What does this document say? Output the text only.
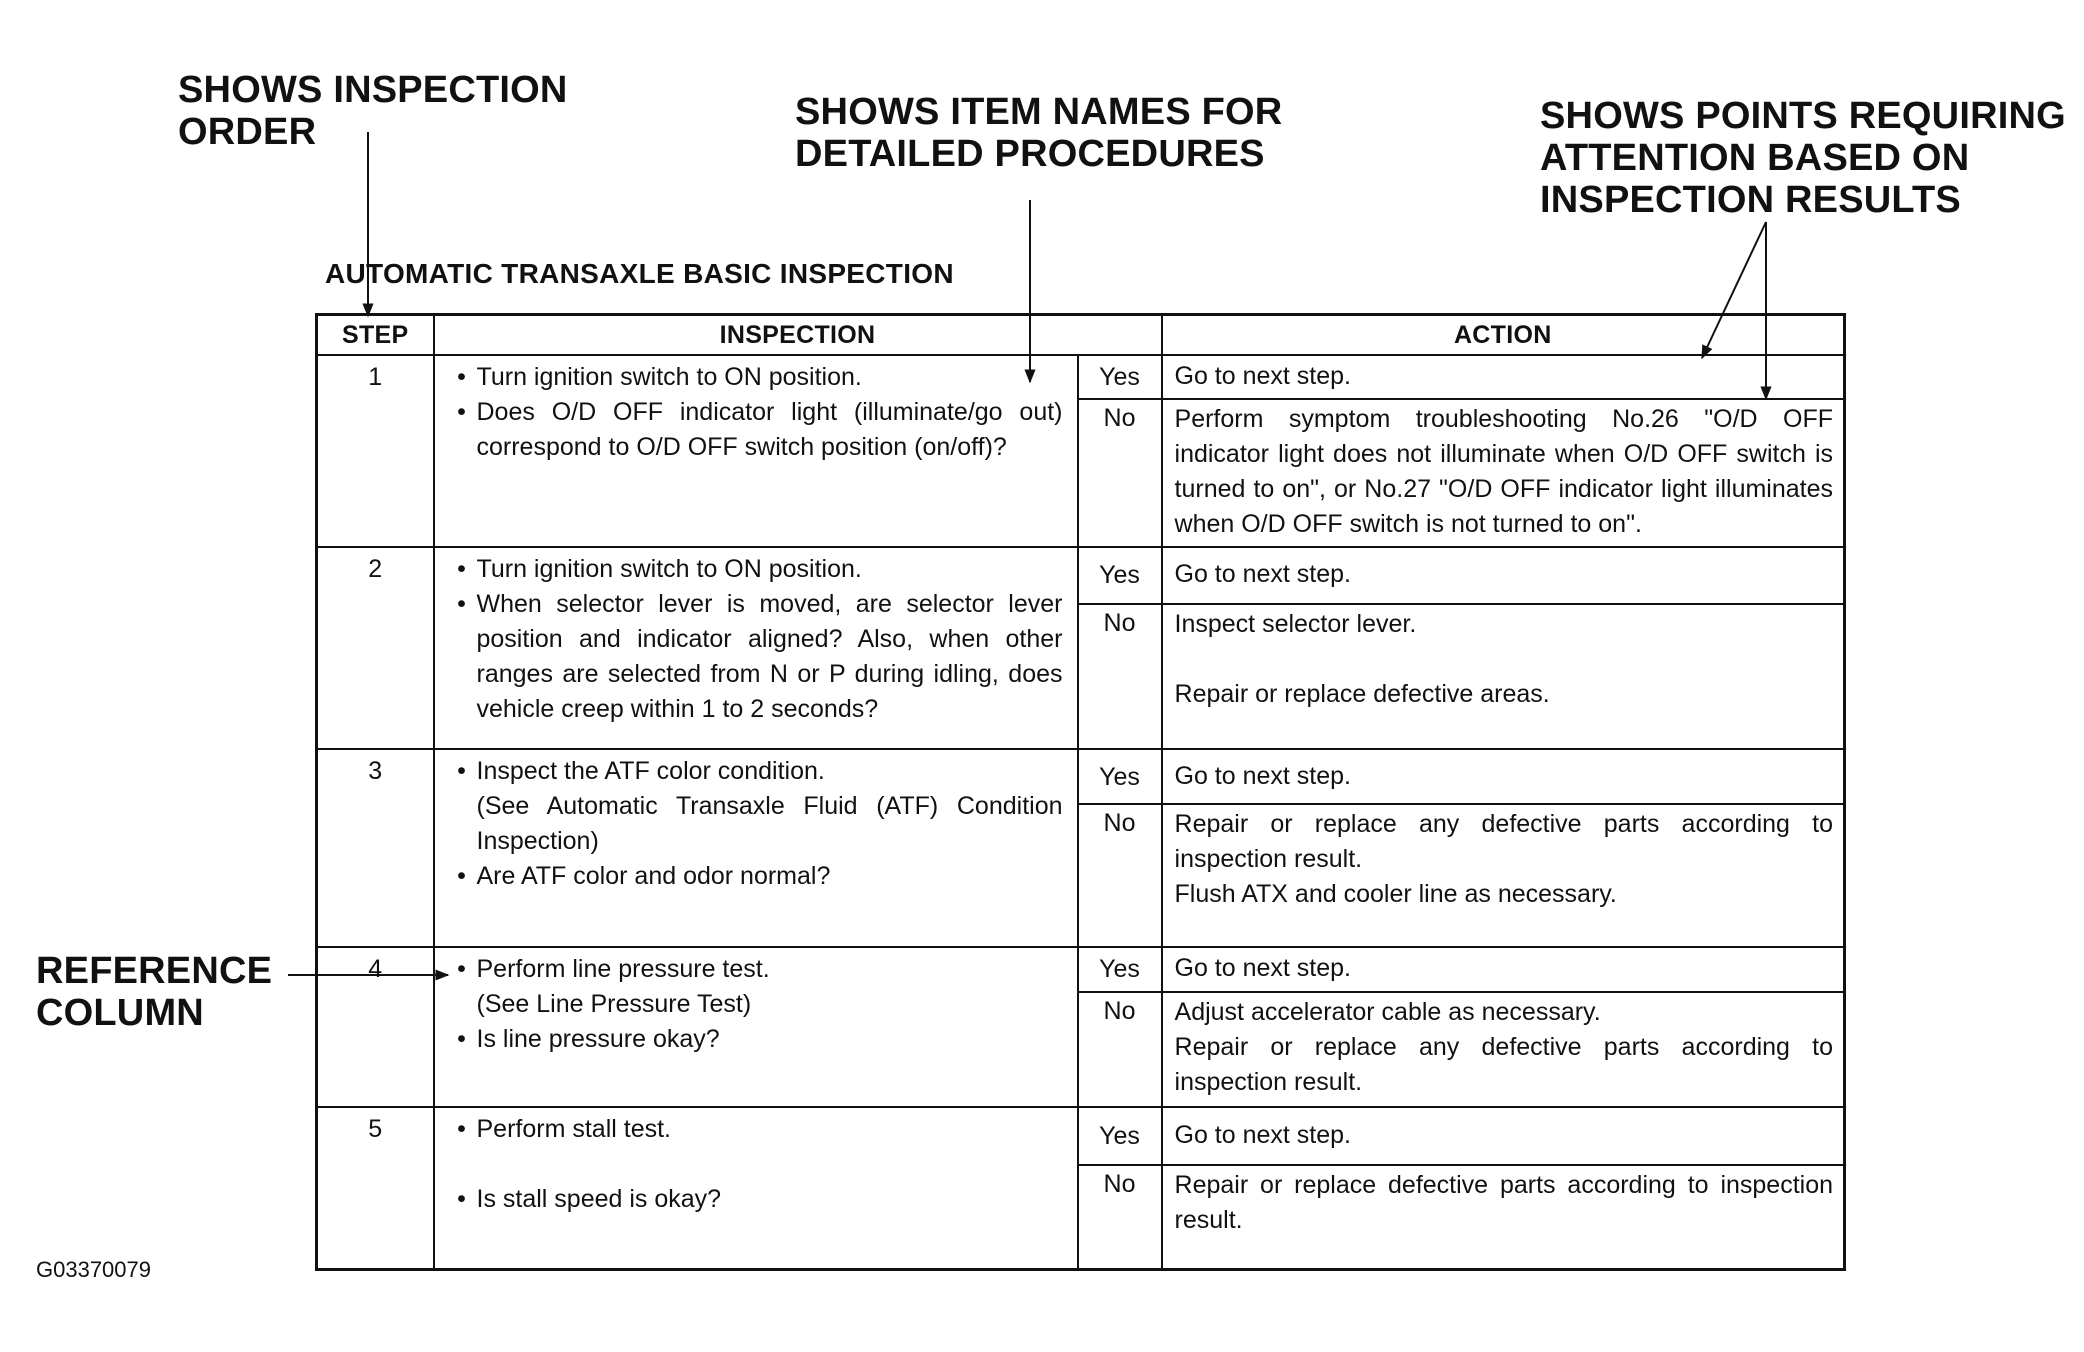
SHOWS INSPECTION
ORDER	SHOWS ITEM NAMES FOR
DETAILED PROCEDURES
SHOWS POINTS REQUIRING
ATTENTION BASED ON
INSPECTION RESULTS
REFERENCE
COLUMN
AUTOMATIC TRANSAXLE BASIC INSPECTION
STEP	INSPECTION		ACTION
1	• Turn ignition switch to ON position.
• Does O/D OFF indicator light (illuminate/go out) correspond to O/D OFF switch position (on/off)?	Yes	Go to next step.
		No	Perform symptom troubleshooting No.26 "O/D OFF indicator light does not illuminate when O/D OFF switch is turned to on", or No.27 "O/D OFF indicator light illuminates when O/D OFF switch is not turned to on".

2	• Turn ignition switch to ON position.
• When selector lever is moved, are selector lever position and indicator aligned? Also, when other ranges are selected from N or P during idling, does vehicle creep within 1 to 2 seconds?	Yes	Go to next step.
		No	Inspect selector lever.
Repair or replace defective areas.

3	• Inspect the ATF color condition.
(See Automatic Transaxle Fluid (ATF) Condition Inspection)
• Are ATF color and odor normal?	Yes	Go to next step.
		No	Repair or replace any defective parts according to inspection result.
Flush ATX and cooler line as necessary.

4	• Perform line pressure test.
(See Line Pressure Test)
• Is line pressure okay?	Yes	Go to next step.
		No	Adjust accelerator cable as necessary.
Repair or replace any defective parts according to inspection result.

5	• Perform stall test.

• Is stall speed is okay?	Yes	Go to next step.
		No	Repair or replace defective parts according to inspection result.
G03370079
